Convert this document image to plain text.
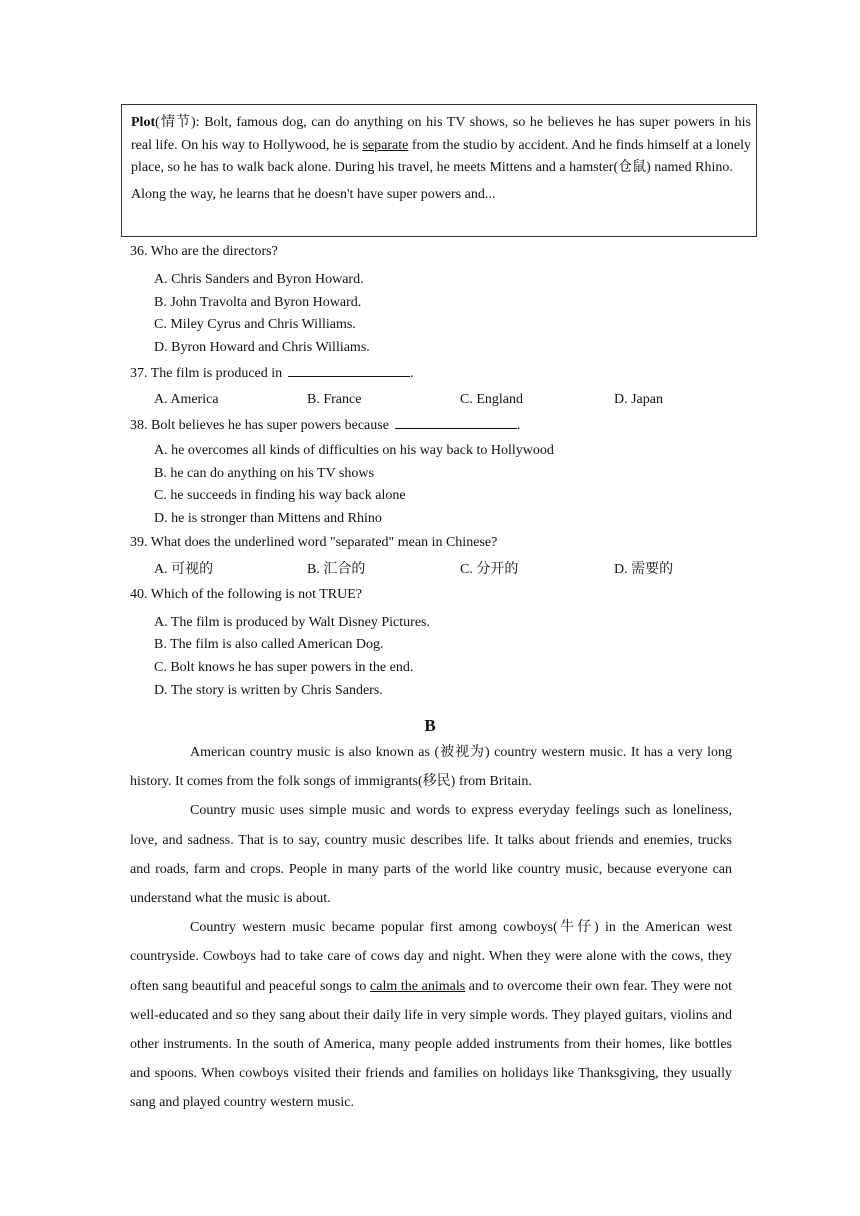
Plot(情节): Bolt, famous dog, can do anything on his TV shows, so he believes he has super powers in his real life. On his way to Hollywood, he is separate from the studio by accident. And he finds himself at a lonely place, so he has to walk back alone. During his travel, he meets Mittens and a hamster(仓鼠) named Rhino.

Along the way, he learns that he doesn't have super powers and...

36. Who are the directors?
A. Chris Sanders and Byron Howard.
B. John Travolta and Byron Howard.
C. Miley Cyrus and Chris Williams.
D. Byron Howard and Chris Williams.
37. The film is produced in	.
A. America	B. France	C. England	D. Japan
38. Bolt believes he has super powers because	.
A. he overcomes all kinds of difficulties on his way back to Hollywood
B. he can do anything on his TV shows
C. he succeeds in finding his way back alone
D. he is stronger than Mittens and Rhino
39. What does the underlined word "separated" mean in Chinese?
A. 可视的	B. 汇合的	C. 分开的	D. 需要的
40. Which of the following is not TRUE?
A. The film is produced by Walt Disney Pictures.
B. The film is also called American Dog.
C. Bolt knows he has super powers in the end.
D. The story is written by Chris Sanders.
B

American country music is also known as (被视为) country western music. It has a very long history. It comes from the folk songs of immigrants(移民) from Britain.

Country music uses simple music and words to express everyday feelings such as loneliness, love, and sadness. That is to say, country music describes life. It talks about friends and enemies, trucks and roads, farm and crops. People in many parts of the world like country music, because everyone can understand what the music is about.

Country western music became popular first among cowboys(牛仔) in the American west countryside. Cowboys had to take care of cows day and night. When they were alone with the cows, they often sang beautiful and peaceful songs to calm the animals and to overcome their own fear. They were not well-educated and so they sang about their daily life in very simple words. They played guitars, violins and other instruments. In the south of America, many people added instruments from their homes, like bottles and spoons. When cowboys visited their friends and families on holidays like Thanksgiving, they usually sang and played country western music.
